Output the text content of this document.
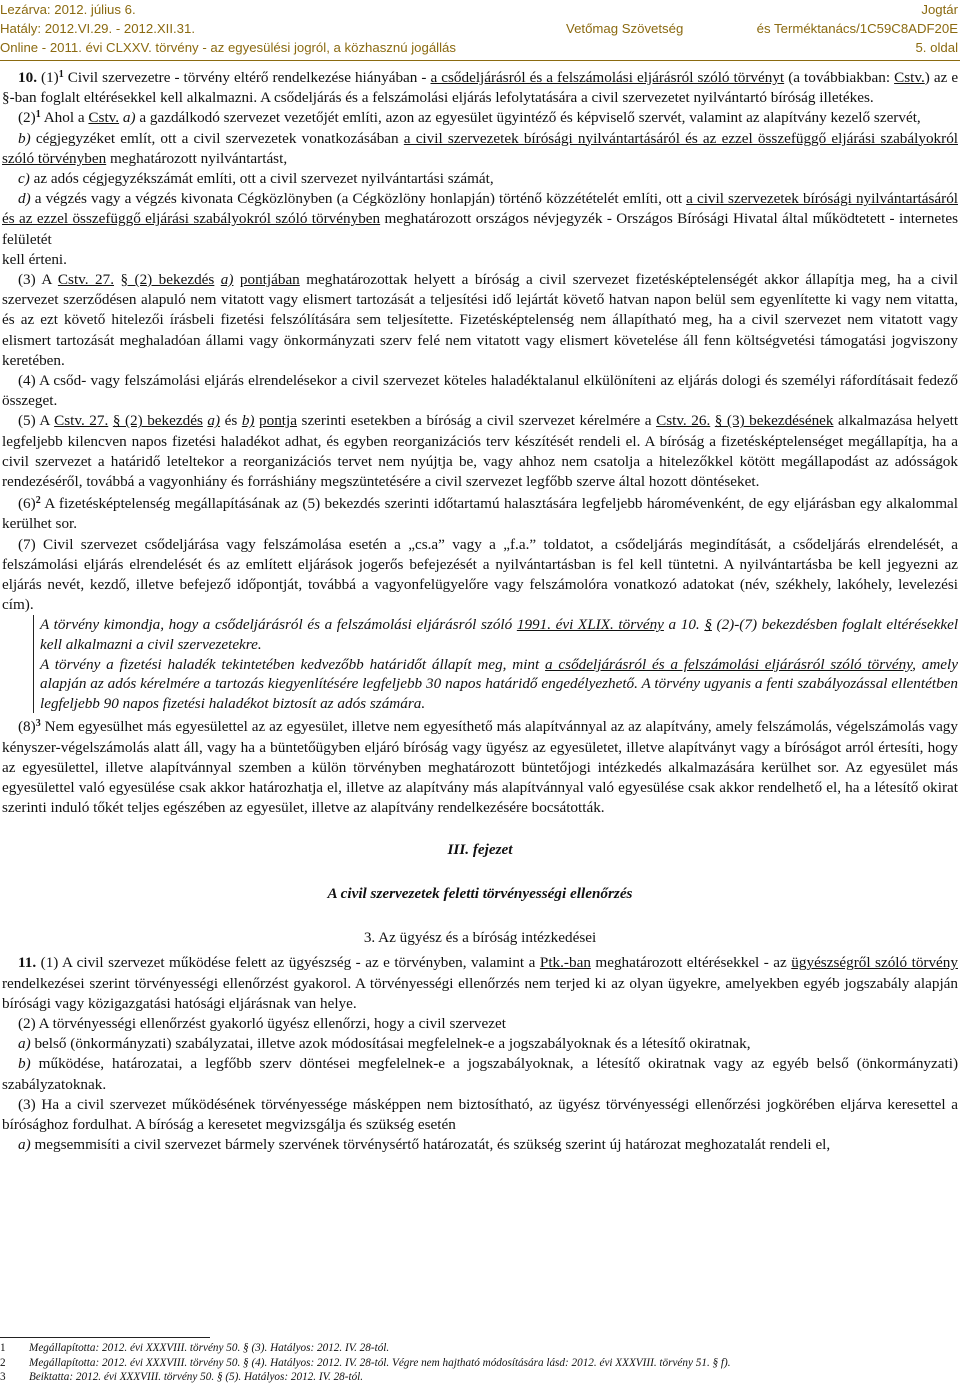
Lezárva: 2012. július 6.
Hatály: 2012.VI.29. - 2012.XII.31.
Online - 2011. évi CLXXV. törvény - az egyesülési jogról, a közhasznú jogállás
Vetőmag Szövetség
Jogtár
és Terméktanács/1C59C8ADF20E
5. oldal

10. $(1)^1$ Civil szervezetre - törvény eltérő rendelkezése hiányában - a csődeljárásról és a felszámolási eljárásról szóló törvényt (a továbbiakban: Cstv.) az e §-ban foglalt eltérésekkel kell alkalmazni. A csődeljárás és a felszámolási eljárás lefolytatására a civil szervezetet nyilvántartó bíróság illetékes.

$(2)^1$ Ahol a Cstv. a) a gazdálkodó szervezet vezetőjét említi, azon az egyesület ügyintéző és képviselő szervét, valamint az alapítvány kezelő szervét,

b) cégjegyzéket említ, ott a civil szervezetek vonatkozásában a civil szervezetek bírósági nyilvántartásáról és az ezzel összefüggő eljárási szabályokról szóló törvényben meghatározott nyilvántartást,

c) az adós cégjegyzékszámát említi, ott a civil szervezet nyilvántartási számát,

d) a végzés vagy a végzés kivonata Cégközlönyben (a Cégközlöny honlapján) történő közzétételét említi, ott a civil szervezetek bírósági nyilvántartásáról és az ezzel összefüggő eljárási szabályokról szóló törvényben meghatározott országos névjegyzék - Országos Bírósági Hivatal által működtetett - internetes felületét

kell érteni.

(3) A Cstv. 27. § (2) bekezdés a) pontjában meghatározottak helyett a bíróság a civil szervezet fizetésképtelenségét akkor állapítja meg, ha a civil szervezet szerződésen alapuló nem vitatott vagy elismert tartozását a teljesítési idő lejártát követő hatvan napon belül sem egyenlítette ki vagy nem vitatta, és az ezt követő hitelezői írásbeli fizetési felszólítására sem teljesítette. Fizetésképtelenség nem állapítható meg, ha a civil szervezet nem vitatott vagy elismert tartozását meghaladóan állami vagy önkormányzati szerv felé nem vitatott vagy elismert követelése áll fenn költségvetési támogatási jogviszony keretében.

(4) A csőd- vagy felszámolási eljárás elrendelésekor a civil szervezet köteles haladéktalanul elkülöníteni az eljárás dologi és személyi ráfordításait fedező összeget.

(5) A Cstv. 27. § (2) bekezdés a) és b) pontja szerinti esetekben a bíróság a civil szervezet kérelmére a Cstv. 26. § (3) bekezdésének alkalmazása helyett legfeljebb kilencven napos fizetési haladékot adhat, és egyben reorganizációs terv készítését rendeli el. A bíróság a fizetésképtelenséget megállapítja, ha a civil szervezet a határidő leteltekor a reorganizációs tervet nem nyújtja be, vagy ahhoz nem csatolja a hitelezőkkel kötött megállapodást az adósságok rendezéséről, továbbá a vagyonhiány és forráshiány megszüntetésére a civil szervezet legfőbb szerve által hozott döntéseket.

$(6)^2$ A fizetésképtelenség megállapításának az (5) bekezdés szerinti időtartamú halasztására legfeljebb háromévenként, de egy eljárásban egy alkalommal kerülhet sor.

(7) Civil szervezet csődeljárása vagy felszámolása esetén a „cs.a” vagy a „f.a.” toldatot, a csődeljárás megindítását, a csődeljárás elrendelését, a felszámolási eljárás elrendelését és az említett eljárások jogerős befejezését a nyilvántartásban is fel kell tüntetni. A nyilvántartásba be kell jegyezni az eljárás nevét, kezdő, illetve befejező időpontját, továbbá a vagyonfelügyelőre vagy felszámolóra vonatkozó adatokat (név, székhely, lakóhely, levelezési cím).

A törvény kimondja, hogy a csődeljárásról és a felszámolási eljárásról szóló 1991. évi XLIX. törvény a 10. § (2)-(7) bekezdésben foglalt eltérésekkel kell alkalmazni a civil szervezetekre.

A törvény a fizetési haladék tekintetében kedvezőbb határidőt állapít meg, mint a csődeljárásról és a felszámolási eljárásról szóló törvény, amely alapján az adós kérelmére a tartozás kiegyenlítésére legfeljebb 30 napos határidő engedélyezhető. A törvény ugyanis a fenti szabályozással ellentétben legfeljebb 90 napos fizetési haladékot biztosít az adós számára.

$(8)^3$ Nem egyesülhet más egyesülettel az az egyesület, illetve nem egyesíthető más alapítvánnyal az az alapítvány, amely felszámolás, végelszámolás vagy kényszer-végelszámolás alatt áll, vagy ha a büntetőügyben eljáró bíróság vagy ügyész az egyesületet, illetve alapítványt vagy a bíróságot arról értesíti, hogy az egyesülettel, illetve alapítvánnyal szemben a külön törvényben meghatározott büntetőjogi intézkedés alkalmazására kerülhet sor. Az egyesület más egyesülettel való egyesülése csak akkor határozhatja el, illetve az alapítvány más alapítvánnyal való egyesülése csak akkor rendelhető el, ha a létesítő okirat szerinti induló tőkét teljes egészében az egyesület, illetve az alapítvány rendelkezésére bocsátották.

III. fejezet

A civil szervezetek feletti törvényességi ellenőrzés

3. Az ügyész és a bíróság intézkedései

11. (1) A civil szervezet működése felett az ügyészség - az e törvényben, valamint a Ptk.-ban meghatározott eltérésekkel - az ügyészségről szóló törvény rendelkezései szerint törvényességi ellenőrzést gyakorol. A törvényességi ellenőrzés nem terjed ki az olyan ügyekre, amelyekben egyéb jogszabály alapján bírósági vagy közigazgatási hatósági eljárásnak van helye.

(2) A törvényességi ellenőrzést gyakorló ügyész ellenőrzi, hogy a civil szervezet

a) belső (önkormányzati) szabályzatai, illetve azok módosításai megfelelnek-e a jogszabályoknak és a létesítő okiratnak,

b) működése, határozatai, a legfőbb szerv döntései megfelelnek-e a jogszabályoknak, a létesítő okiratnak vagy az egyéb belső (önkormányzati) szabályzatoknak.

(3) Ha a civil szervezet működésének törvényessége másképpen nem biztosítható, az ügyész törvényességi ellenőrzési jogkörében eljárva keresettel a bírósághoz fordulhat. A bíróság a keresetet megvizsgálja és szükség esetén

a) megsemmisíti a civil szervezet bármely szervének törvénysértő határozatát, és szükség szerint új határozat meghozatalát rendeli el,

1 Megállapította: 2012. évi XXXVIII. törvény 50. § (3). Hatályos: 2012. IV. 28-tól.
2 Megállapította: 2012. évi XXXVIII. törvény 50. § (4). Hatályos: 2012. IV. 28-tól. Végre nem hajtható módosítására lásd: 2012. évi XXXVIII. törvény 51. § f).
3 Beiktatta: 2012. évi XXXVIII. törvény 50. § (5). Hatályos: 2012. IV. 28-tól.
